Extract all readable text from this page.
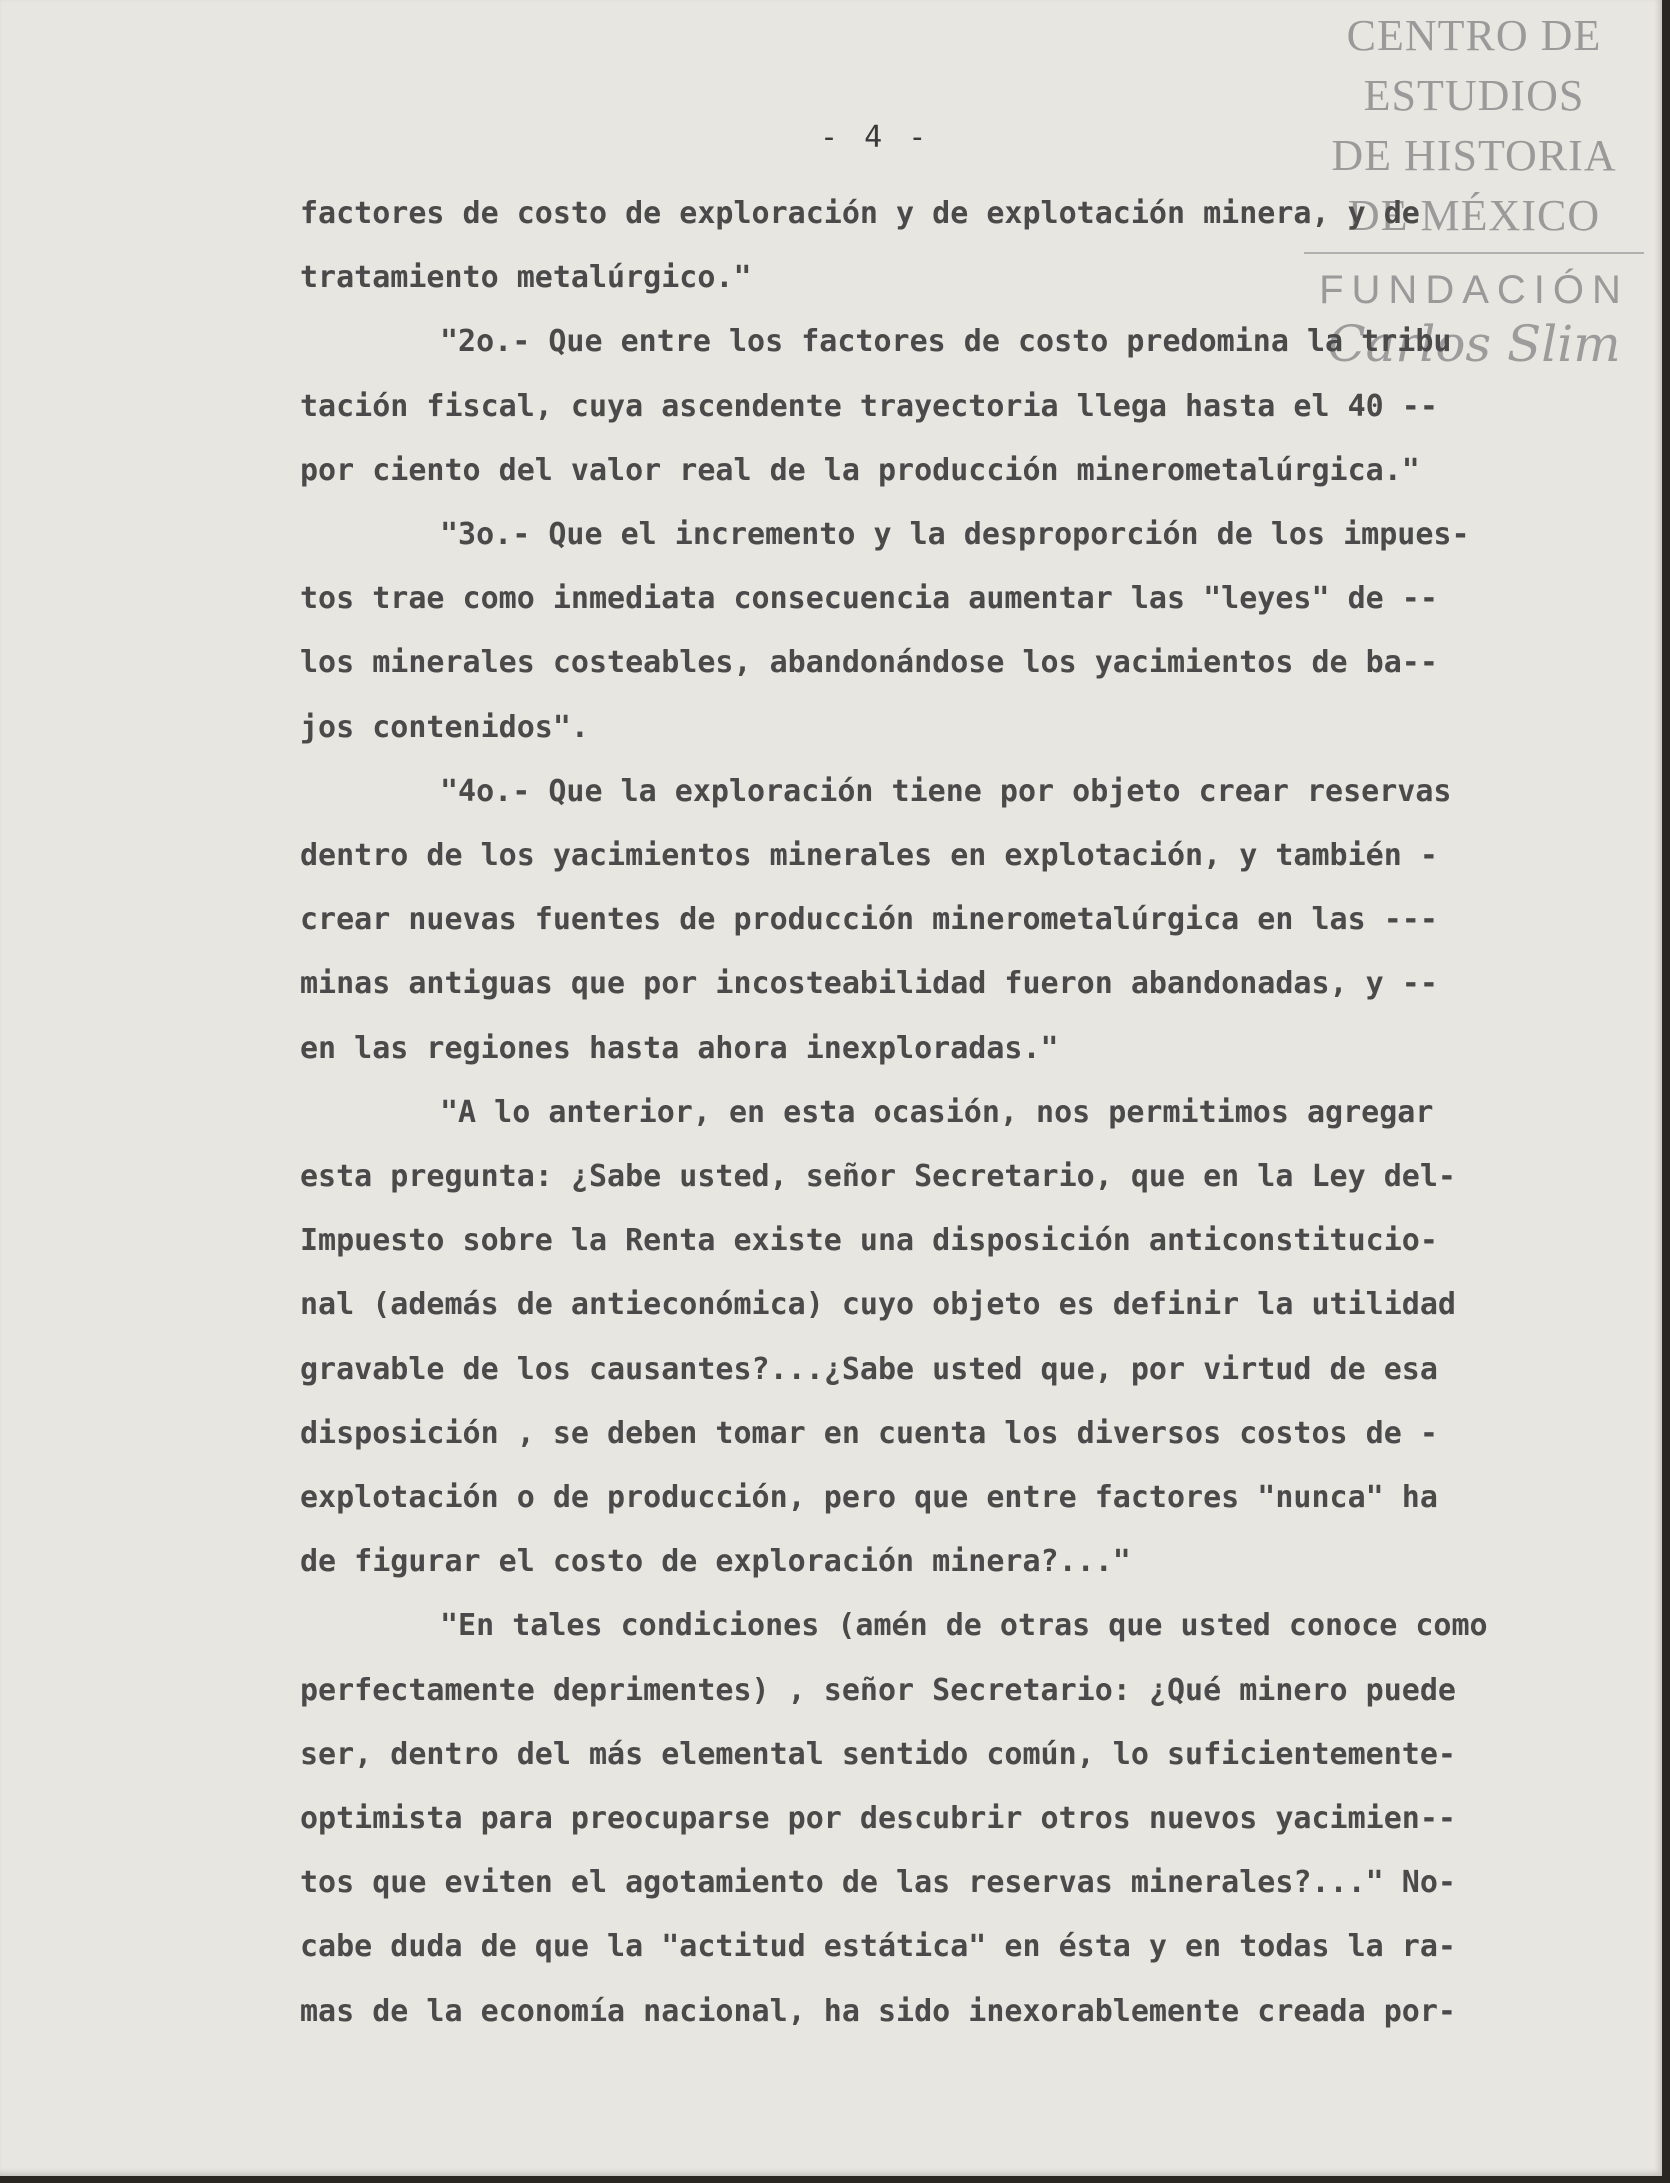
CENTRO DE
ESTUDIOS
DE HISTORIA
DE MÉXICO
FUNDACIÓN
Carlos Slim
- 4 -
factores de costo de exploración y de explotación minera, y de
tratamiento metalúrgico."
"2o.- Que entre los factores de costo predomina la tribu
tación fiscal, cuya ascendente trayectoria llega hasta el 40 --
por ciento del valor real de la producción minerometalúrgica."
"3o.- Que el incremento y la desproporción de los impues-
tos trae como inmediata consecuencia aumentar las "leyes" de --
los minerales costeables, abandonándose los yacimientos de ba--
jos contenidos".
"4o.- Que la exploración tiene por objeto crear reservas
dentro de los yacimientos minerales en explotación, y también -
crear nuevas fuentes de producción minerometalúrgica en las ---
minas antiguas que por incosteabilidad fueron abandonadas, y --
en las regiones hasta ahora inexploradas."
"A lo anterior, en esta ocasión, nos permitimos agregar
esta pregunta: ¿Sabe usted, señor Secretario, que en la Ley del-
Impuesto sobre la Renta existe una disposición anticonstitucio-
nal (además de antieconómica) cuyo objeto es definir la utilidad
gravable de los causantes?...¿Sabe usted que, por virtud de esa
disposición , se deben tomar en cuenta los diversos costos de -
explotación o de producción, pero que entre factores "nunca" ha
de figurar el costo de exploración minera?..."
"En tales condiciones (amén de otras que usted conoce como
perfectamente deprimentes) , señor Secretario: ¿Qué minero puede
ser, dentro del más elemental sentido común, lo suficientemente-
optimista para preocuparse por descubrir otros nuevos yacimien--
tos que eviten el agotamiento de las reservas minerales?..." No-
cabe duda de que la "actitud estática" en ésta y en todas la ra-
mas de la economía nacional, ha sido inexorablemente creada por-
